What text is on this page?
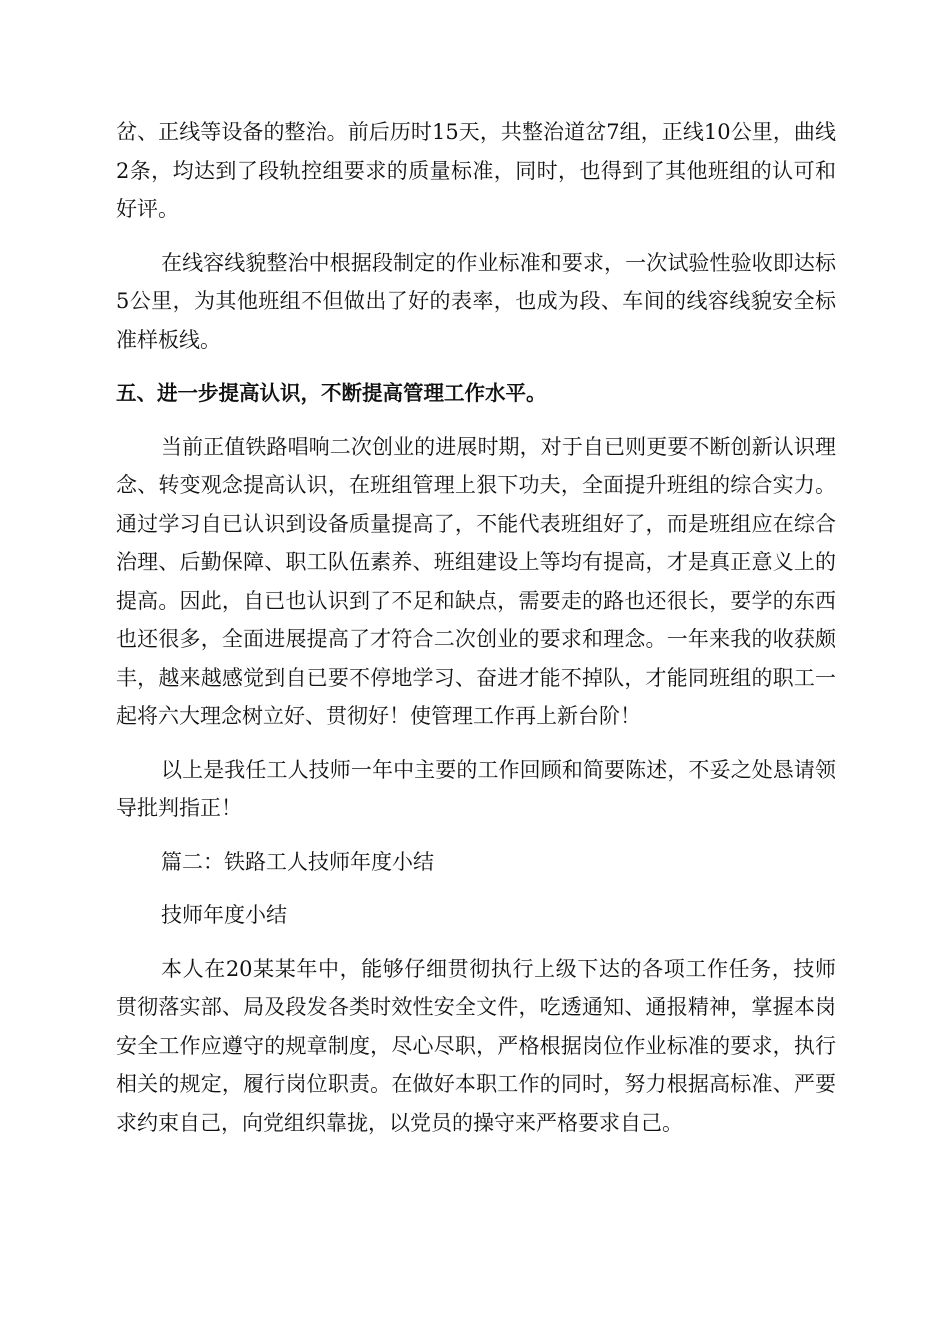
岔、正线等设备的整治。前后历时15天，共整治道岔7组，正线10公里，曲线2条，均达到了段轨控组要求的质量标准，同时，也得到了其他班组的认可和好评。

在线容线貌整治中根据段制定的作业标准和要求，一次试验性验收即达标5公里，为其他班组不但做出了好的表率，也成为段、车间的线容线貌安全标准样板线。

五、进一步提高认识，不断提高管理工作水平。

当前正值铁路唱响二次创业的进展时期，对于自已则更要不断创新认识理念、转变观念提高认识，在班组管理上狠下功夫，全面提升班组的综合实力。通过学习自已认识到设备质量提高了，不能代表班组好了，而是班组应在综合治理、后勤保障、职工队伍素养、班组建设上等均有提高，才是真正意义上的提高。因此，自已也认识到了不足和缺点，需要走的路也还很长，要学的东西也还很多，全面进展提高了才符合二次创业的要求和理念。一年来我的收获颇丰，越来越感觉到自已要不停地学习、奋进才能不掉队，才能同班组的职工一起将六大理念树立好、贯彻好！使管理工作再上新台阶！

以上是我任工人技师一年中主要的工作回顾和简要陈述，不妥之处恳请领导批判指正！

篇二：铁路工人技师年度小结

技师年度小结

本人在20某某年中，能够仔细贯彻执行上级下达的各项工作任务，技师贯彻落实部、局及段发各类时效性安全文件，吃透通知、通报精神，掌握本岗安全工作应遵守的规章制度，尽心尽职，严格根据岗位作业标准的要求，执行相关的规定，履行岗位职责。在做好本职工作的同时，努力根据高标准、严要求约束自己，向党组织靠拢，以党员的操守来严格要求自己。
